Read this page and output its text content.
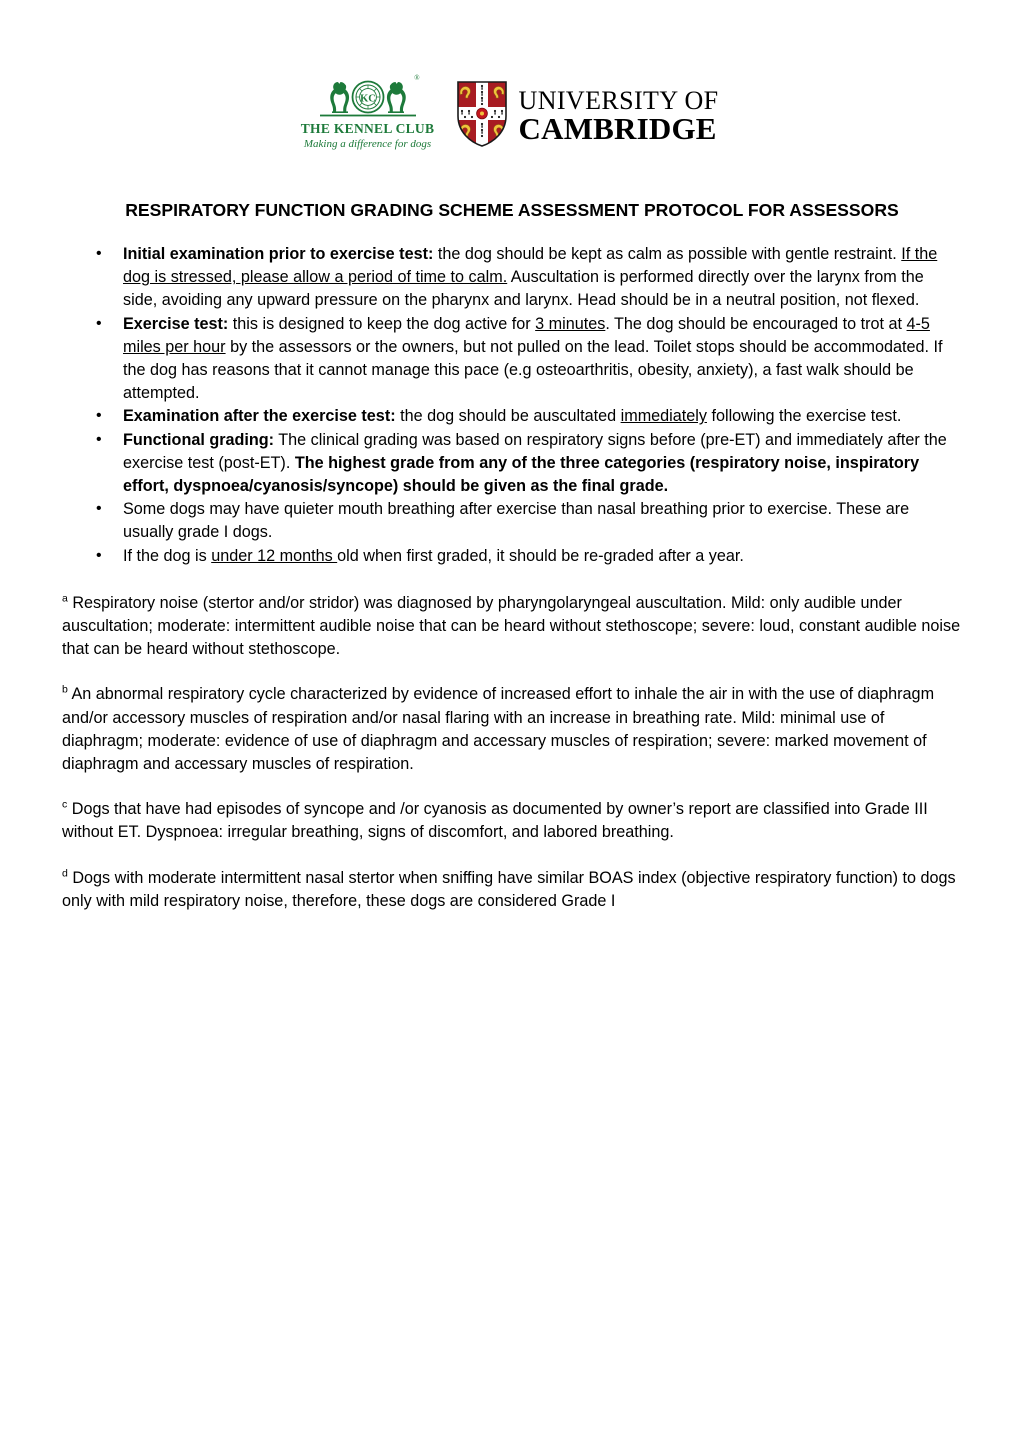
KC
®
THE KENNEL CLUB
Making a difference for dogs
UNIVERSITY OF
CAMBRIDGE
RESPIRATORY FUNCTION GRADING SCHEME ASSESSMENT PROTOCOL FOR ASSESSORS
• Initial examination prior to exercise test: the dog should be kept as calm as possible with gentle restraint. If the dog is stressed, please allow a period of time to calm. Auscultation is performed directly over the larynx from the side, avoiding any upward pressure on the pharynx and larynx. Head should be in a neutral position, not flexed.
• Exercise test: this is designed to keep the dog active for 3 minutes. The dog should be encouraged to trot at 4-5 miles per hour by the assessors or the owners, but not pulled on the lead. Toilet stops should be accommodated. If the dog has reasons that it cannot manage this pace (e.g osteoarthritis, obesity, anxiety), a fast walk should be attempted.
• Examination after the exercise test: the dog should be auscultated immediately following the exercise test.
• Functional grading: The clinical grading was based on respiratory signs before (pre-ET) and immediately after the exercise test (post-ET). The highest grade from any of the three categories (respiratory noise, inspiratory effort, dyspnoea/cyanosis/syncope) should be given as the final grade.
• Some dogs may have quieter mouth breathing after exercise than nasal breathing prior to exercise. These are usually grade I dogs.
• If the dog is under 12 months old when first graded, it should be re-graded after a year.

$^a$ Respiratory noise (stertor and/or stridor) was diagnosed by pharyngolaryngeal auscultation. Mild: only audible under auscultation; moderate: intermittent audible noise that can be heard without stethoscope; severe: loud, constant audible noise that can be heard without stethoscope.

$^b$ An abnormal respiratory cycle characterized by evidence of increased effort to inhale the air in with the use of diaphragm and/or accessory muscles of respiration and/or nasal flaring with an increase in breathing rate. Mild: minimal use of diaphragm; moderate: evidence of use of diaphragm and accessary muscles of respiration; severe: marked movement of diaphragm and accessary muscles of respiration.

$^c$ Dogs that have had episodes of syncope and /or cyanosis as documented by owner’s report are classified into Grade III without ET. Dyspnoea: irregular breathing, signs of discomfort, and labored breathing.

$^d$ Dogs with moderate intermittent nasal stertor when sniffing have similar BOAS index (objective respiratory function) to dogs only with mild respiratory noise, therefore, these dogs are considered Grade I
